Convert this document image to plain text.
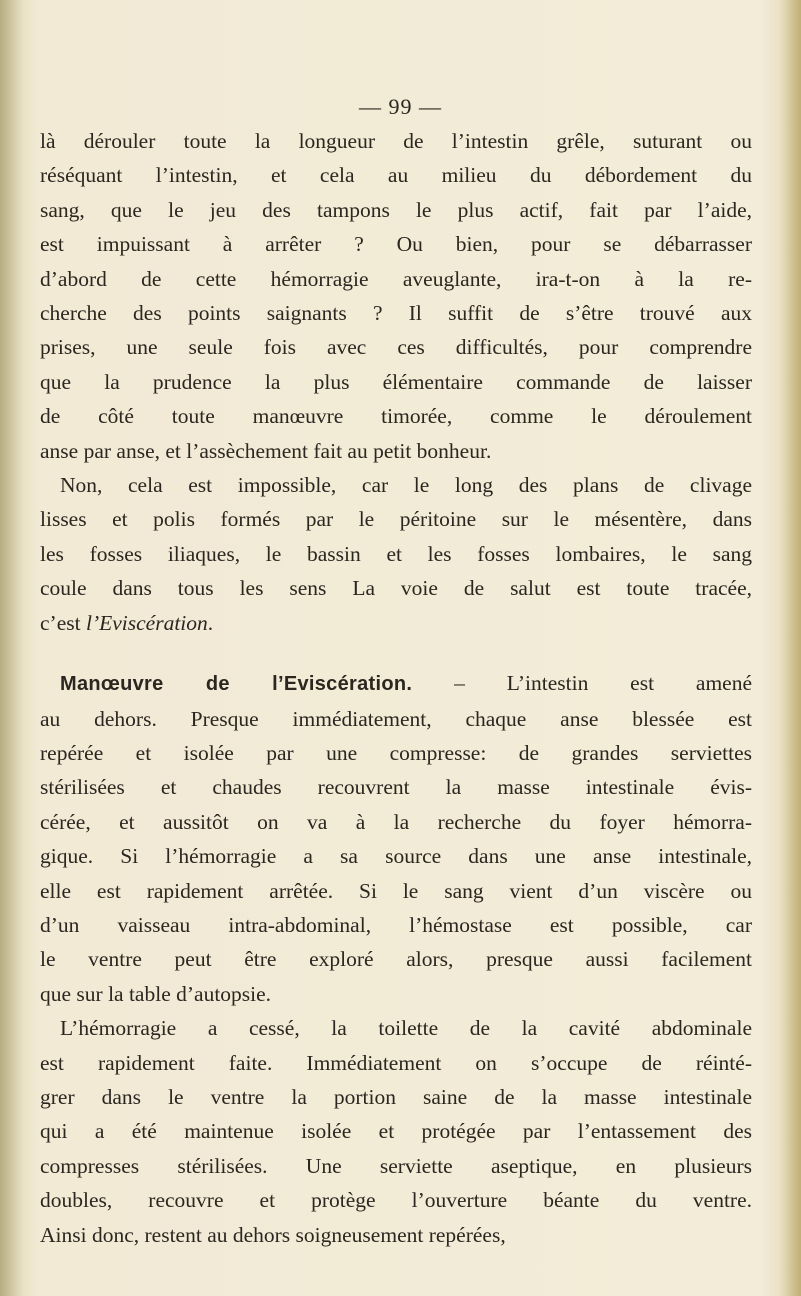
— 99 —
là dérouler toute la longueur de l’intestin grêle, suturant ou
réséquant l’intestin, et cela au milieu du débordement du
sang, que le jeu des tampons le plus actif, fait par l’aide,
est impuissant à arrêter ? Ou bien, pour se débarrasser
d’abord de cette hémorragie aveuglante, ira-t-on à la re-
cherche des points saignants ? Il suffit de s’être trouvé aux
prises, une seule fois avec ces difficultés, pour comprendre
que la prudence la plus élémentaire commande de laisser
de côté toute manœuvre timorée, comme le déroulement
anse par anse, et l’assèchement fait au petit bonheur.
Non, cela est impossible, car le long des plans de clivage
lisses et polis formés par le péritoine sur le mésentère, dans
les fosses iliaques, le bassin et les fosses lombaires, le sang
coule dans tous les sens La voie de salut est toute tracée,
c’est l’Eviscération.
Manœuvre de l’Eviscération. – L’intestin est amené
au dehors. Presque immédiatement, chaque anse blessée est
repérée et isolée par une compresse: de grandes serviettes
stérilisées et chaudes recouvrent la masse intestinale évis-
cérée, et aussitôt on va à la recherche du foyer hémorra-
gique. Si l’hémorragie a sa source dans une anse intestinale,
elle est rapidement arrêtée. Si le sang vient d’un viscère ou
d’un vaisseau intra-abdominal, l’hémostase est possible, car
le ventre peut être exploré alors, presque aussi facilement
que sur la table d’autopsie.
L’hémorragie a cessé, la toilette de la cavité abdominale
est rapidement faite. Immédiatement on s’occupe de réinté-
grer dans le ventre la portion saine de la masse intestinale
qui a été maintenue isolée et protégée par l’entassement des
compresses stérilisées. Une serviette aseptique, en plusieurs
doubles, recouvre et protège l’ouverture béante du ventre.
Ainsi donc, restent au dehors soigneusement repérées,
